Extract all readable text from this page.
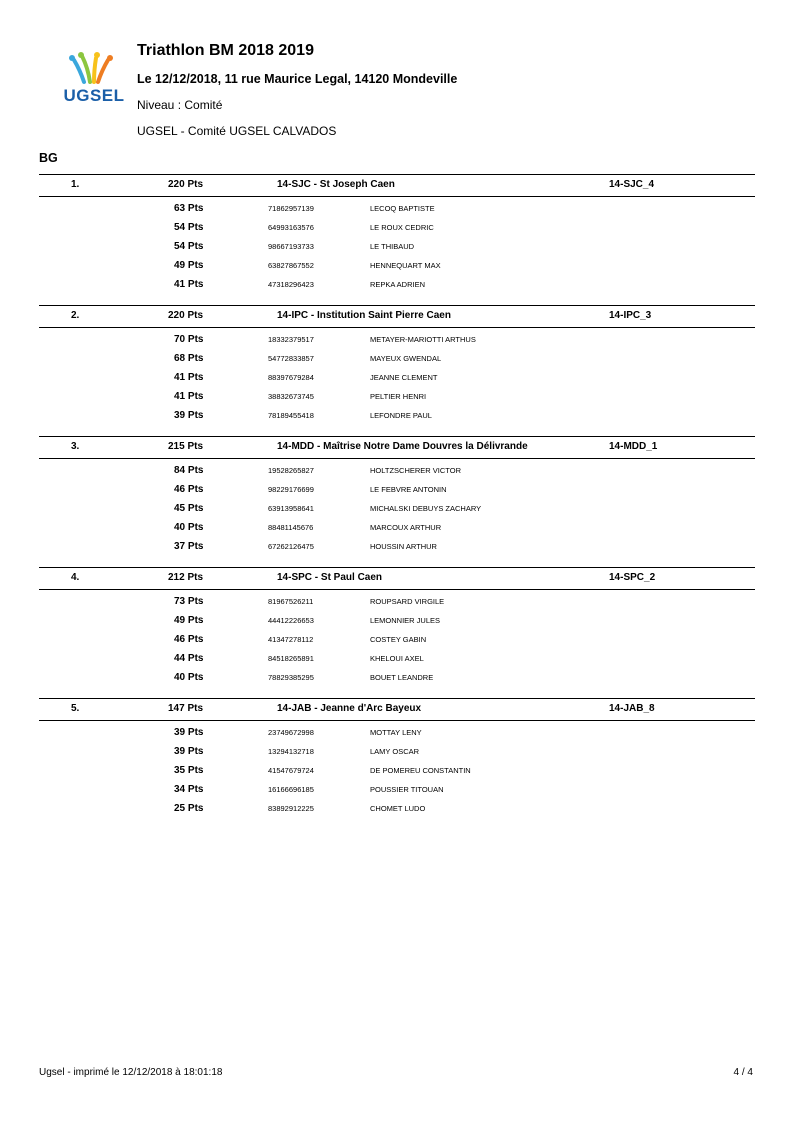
UGSEL
Triathlon BM 2018 2019
Le 12/12/2018, 11 rue Maurice Legal, 14120 Mondeville
Niveau : Comité
UGSEL - Comité UGSEL CALVADOS
BG
1.	220 Pts	14-SJC - St Joseph Caen	14-SJC_4
63 Pts	71862957139	LECOQ BAPTISTE
54 Pts	64993163576	LE ROUX CEDRIC
54 Pts	98667193733	LE THIBAUD
49 Pts	63827867552	HENNEQUART MAX
41 Pts	47318296423	REPKA ADRIEN
2.	220 Pts	14-IPC - Institution Saint Pierre Caen	14-IPC_3
70 Pts	18332379517	METAYER-MARIOTTI ARTHUS
68 Pts	54772833857	MAYEUX GWENDAL
41 Pts	88397679284	JEANNE CLEMENT
41 Pts	38832673745	PELTIER HENRI
39 Pts	78189455418	LEFONDRE PAUL
3.	215 Pts	14-MDD - Maîtrise Notre Dame Douvres la Délivrande	14-MDD_1
84 Pts	19528265827	HOLTZSCHERER VICTOR
46 Pts	98229176699	LE FEBVRE ANTONIN
45 Pts	63913958641	MICHALSKI DEBUYS ZACHARY
40 Pts	88481145676	MARCOUX ARTHUR
37 Pts	67262126475	HOUSSIN ARTHUR
4.	212 Pts	14-SPC - St Paul Caen	14-SPC_2
73 Pts	81967526211	ROUPSARD VIRGILE
49 Pts	44412226653	LEMONNIER JULES
46 Pts	41347278112	COSTEY GABIN
44 Pts	84518265891	KHELOUI AXEL
40 Pts	78829385295	BOUET LEANDRE
5.	147 Pts	14-JAB - Jeanne d'Arc Bayeux	14-JAB_8
39 Pts	23749672998	MOTTAY LENY
39 Pts	13294132718	LAMY OSCAR
35 Pts	41547679724	DE POMEREU CONSTANTIN
34 Pts	16166696185	POUSSIER TITOUAN
25 Pts	83892912225	CHOMET LUDO
Ugsel - imprimé le 12/12/2018 à 18:01:18	4 / 4
